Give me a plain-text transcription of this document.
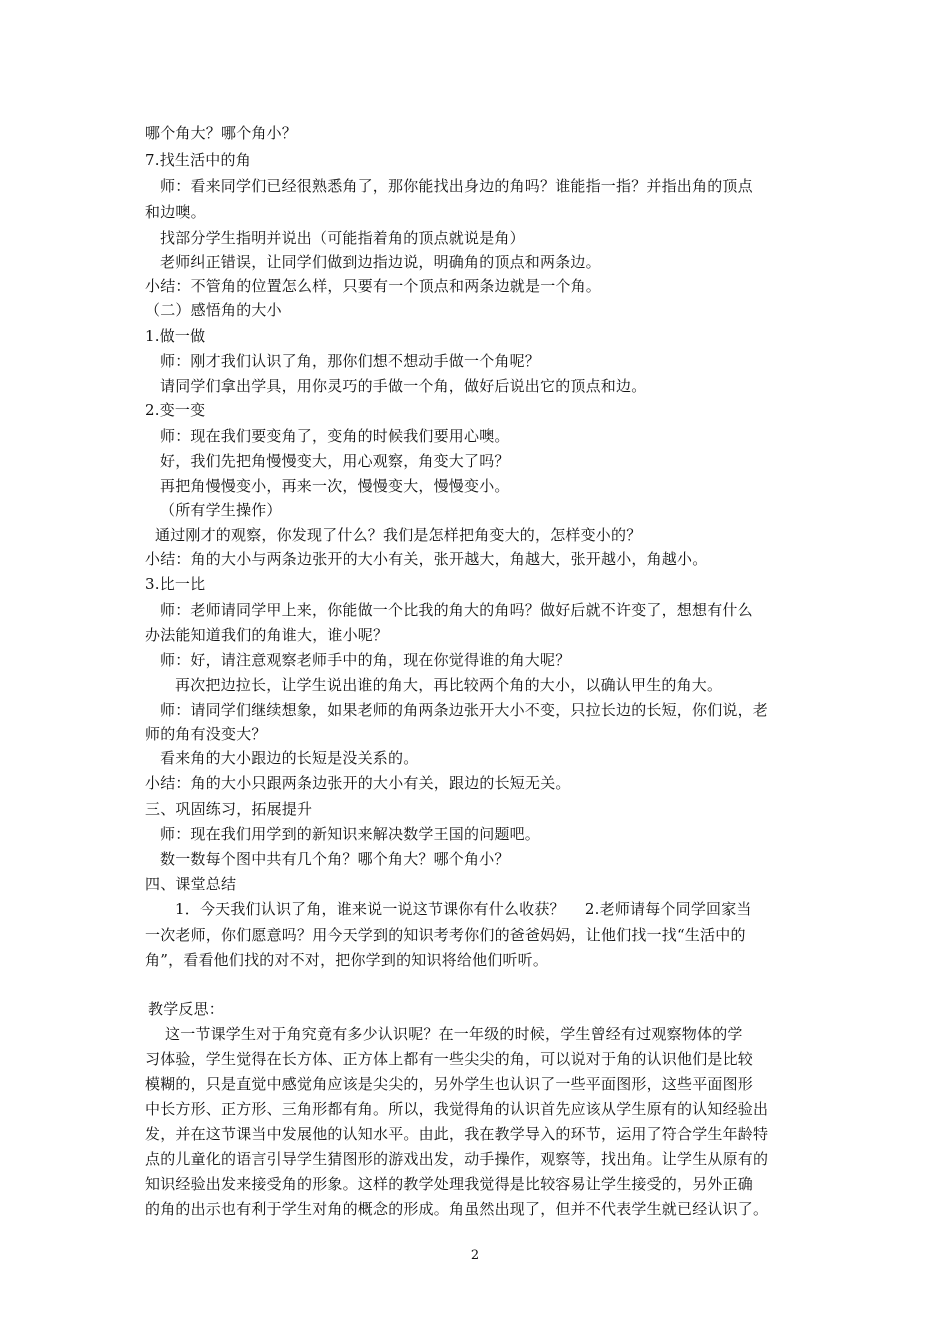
哪个角大？哪个角小？
7.找生活中的角
师：看来同学们已经很熟悉角了，那你能找出身边的角吗？谁能指一指？并指出角的顶点
和边噢。
找部分学生指明并说出（可能指着角的顶点就说是角）
老师纠正错误，让同学们做到边指边说，明确角的顶点和两条边。
小结：不管角的位置怎么样，只要有一个顶点和两条边就是一个角。
（二）感悟角的大小
1.做一做
师：刚才我们认识了角，那你们想不想动手做一个角呢？
请同学们拿出学具，用你灵巧的手做一个角，做好后说出它的顶点和边。
2.变一变
师：现在我们要变角了，变角的时候我们要用心噢。
好，我们先把角慢慢变大，用心观察，角变大了吗？
再把角慢慢变小，再来一次，慢慢变大，慢慢变小。
（所有学生操作）
通过刚才的观察，你发现了什么？我们是怎样把角变大的，怎样变小的？
小结：角的大小与两条边张开的大小有关，张开越大，角越大，张开越小，角越小。
3.比一比
师：老师请同学甲上来，你能做一个比我的角大的角吗？做好后就不许变了，想想有什么
办法能知道我们的角谁大，谁小呢？
师：好，请注意观察老师手中的角，现在你觉得谁的角大呢？
再次把边拉长，让学生说出谁的角大，再比较两个角的大小，以确认甲生的角大。
师：请同学们继续想象，如果老师的角两条边张开大小不变，只拉长边的长短，你们说，老
师的角有没变大？
看来角的大小跟边的长短是没关系的。
小结：角的大小只跟两条边张开的大小有关，跟边的长短无关。
三、巩固练习，拓展提升
师：现在我们用学到的新知识来解决数学王国的问题吧。
数一数每个图中共有几个角？哪个角大？哪个角小？
四、课堂总结
1．今天我们认识了角，谁来说一说这节课你有什么收获？　 2.老师请每个同学回家当
一次老师，你们愿意吗？用今天学到的知识考考你们的爸爸妈妈，让他们找一找“生活中的
角”，看看他们找的对不对，把你学到的知识将给他们听听。
教学反思：
这一节课学生对于角究竟有多少认识呢？在一年级的时候，学生曾经有过观察物体的学
习体验，学生觉得在长方体、正方体上都有一些尖尖的角，可以说对于角的认识他们是比较
模糊的，只是直觉中感觉角应该是尖尖的，另外学生也认识了一些平面图形，这些平面图形
中长方形、正方形、三角形都有角。所以，我觉得角的认识首先应该从学生原有的认知经验出
发，并在这节课当中发展他的认知水平。由此，我在教学导入的环节，运用了符合学生年龄特
点的儿童化的语言引导学生猜图形的游戏出发，动手操作，观察等，找出角。让学生从原有的
知识经验出发来接受角的形象。这样的教学处理我觉得是比较容易让学生接受的，另外正确
的角的出示也有利于学生对角的概念的形成。角虽然出现了，但并不代表学生就已经认识了。
2
